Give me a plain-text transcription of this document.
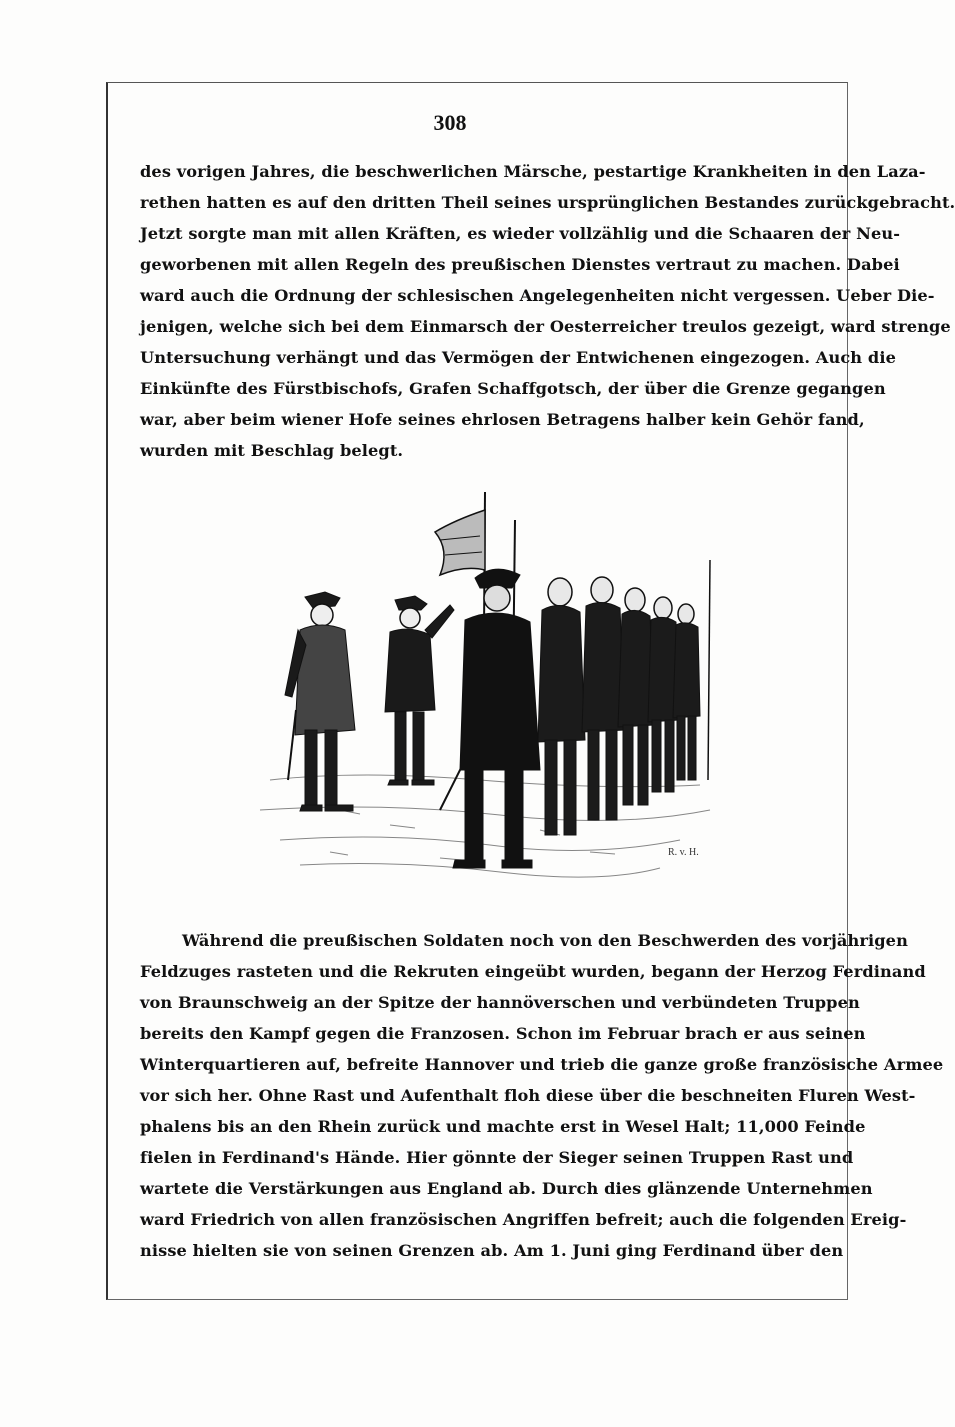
308
des vorigen Jahres, die beschwerlichen Märsche, pestartige Krankheiten in den Laza-
rethen hatten es auf den dritten Theil seines ursprünglichen Bestandes zurückgebracht.
Jetzt sorgte man mit allen Kräften, es wieder vollzählig und die Schaaren der Neu-
geworbenen mit allen Regeln des preußischen Dienstes vertraut zu machen. Dabei
ward auch die Ordnung der schlesischen Angelegenheiten nicht vergessen. Ueber Die-
jenigen, welche sich bei dem Einmarsch der Oesterreicher treulos gezeigt, ward strenge
Untersuchung verhängt und das Vermögen der Entwichenen eingezogen. Auch die
Einkünfte des Fürstbischofs, Grafen Schaffgotsch, der über die Grenze gegangen
war, aber beim wiener Hofe seines ehrlosen Betragens halber kein Gehör fand,
wurden mit Beschlag belegt.
R. v. H.
Während die preußischen Soldaten noch von den Beschwerden des vorjährigen
Feldzuges rasteten und die Rekruten eingeübt wurden, begann der Herzog Ferdinand
von Braunschweig an der Spitze der hannöverschen und verbündeten Truppen
bereits den Kampf gegen die Franzosen. Schon im Februar brach er aus seinen
Winterquartieren auf, befreite Hannover und trieb die ganze große französische Armee
vor sich her. Ohne Rast und Aufenthalt floh diese über die beschneiten Fluren West-
phalens bis an den Rhein zurück und machte erst in Wesel Halt; 11,000 Feinde
fielen in Ferdinand's Hände. Hier gönnte der Sieger seinen Truppen Rast und
wartete die Verstärkungen aus England ab. Durch dies glänzende Unternehmen
ward Friedrich von allen französischen Angriffen befreit; auch die folgenden Ereig-
nisse hielten sie von seinen Grenzen ab. Am 1. Juni ging Ferdinand über den
